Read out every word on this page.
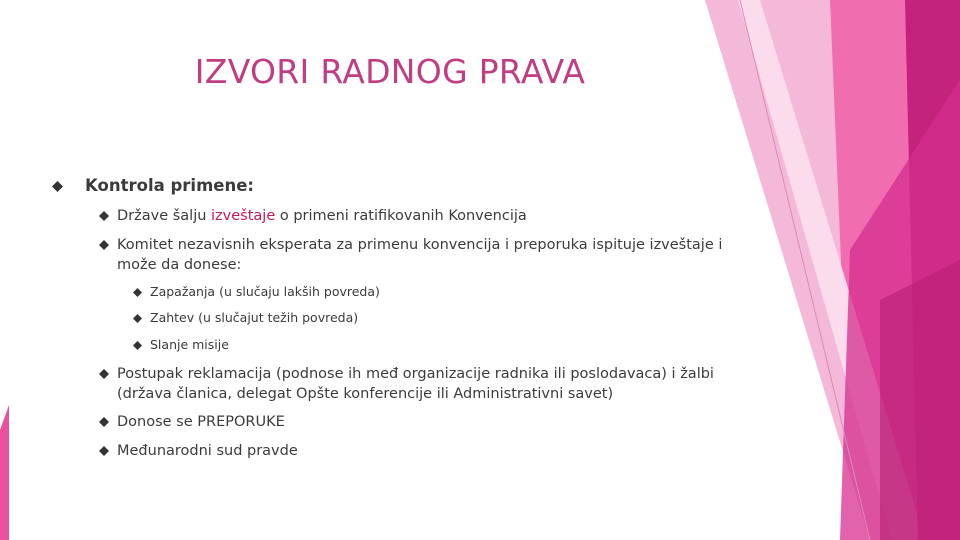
IZVORI RADNOG PRAVA
Kontrola primene:
Države šalju izveštaje o primeni ratifikovanih Konvencija
Komitet nezavisnih eksperata za primenu konvencija i preporuka ispituje izveštaje i može da donese:
Zapažanja (u slučaju lakših povreda)
Zahtev (u slučajut težih povreda)
Slanje misije
Postupak reklamacija (podnose ih međ organizacije radnika ili poslodavaca) i žalbi (država članica, delegat Opšte konferencije ili Administrativni savet)
Donose se PREPORUKE
Međunarodni sud pravde
